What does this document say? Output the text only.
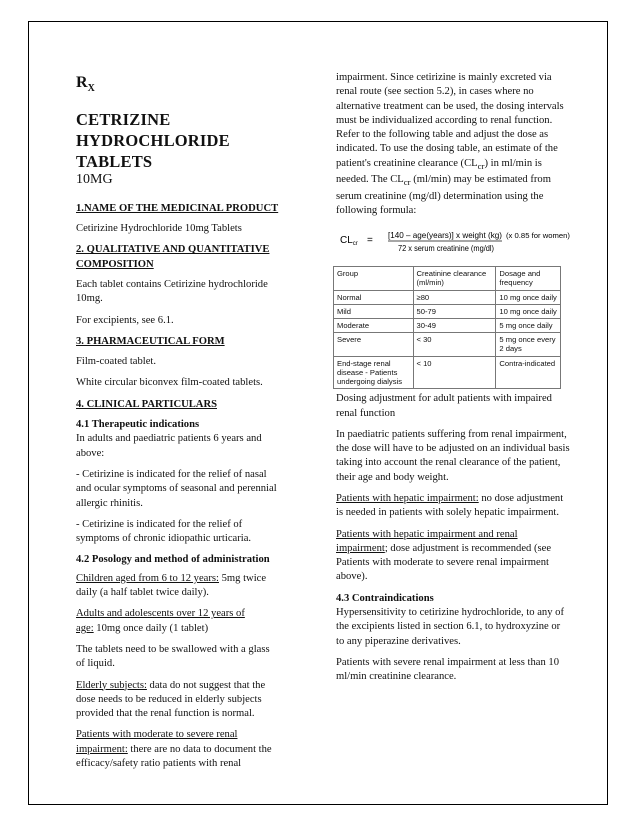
$R_X$
CETRIZINE
HYDROCHLORIDE
TABLETS
10MG

1.NAME OF THE MEDICINAL PRODUCT

Cetirizine Hydrochloride 10mg Tablets

2. QUALITATIVE AND QUANTITATIVE COMPOSITION

Each tablet contains Cetirizine hydrochloride 10mg.

For excipients, see 6.1.

3. PHARMACEUTICAL FORM

Film-coated tablet.

White circular biconvex film-coated tablets.

4. CLINICAL PARTICULARS

4.1 Therapeutic indications

In adults and paediatric patients 6 years and above:

- Cetirizine is indicated for the relief of nasal and ocular symptoms of seasonal and perennial allergic rhinitis.

- Cetirizine is indicated for the relief of symptoms of chronic idiopathic urticaria.

4.2 Posology and method of administration

Children aged from 6 to 12 years: 5mg twice daily (a half tablet twice daily).

Adults and adolescents over 12 years of
age: 10mg once daily (1 tablet)

The tablets need to be swallowed with a glass of liquid.

Elderly subjects: data do not suggest that the dose needs to be reduced in elderly subjects provided that the renal function is normal.

Patients with moderate to severe renal impairment: there are no data to document the efficacy/safety ratio patients with renal

impairment. Since cetirizine is mainly excreted via renal route (see section 5.2), in cases where no alternative treatment can be used, the dosing intervals must be individualized according to renal function. Refer to the following table and adjust the dose as indicated. To use the dosing table, an estimate of the patient's creatinine clearance $(CL_{cr})$ in ml/min is needed. The $CL_{cr}$ (ml/min) may be estimated from serum creatinine (mg/dl) determination using the following formula:

$CL_{cr} = [140$ – age(years)] x weight (kg)
72 x serum creatinine (mg/dl)
(x 0.85 for women)
Group	Creatinine clearance (ml/min)	Dosage and frequency
Normal	≥80	10 mg once daily
Mild	50-79	10 mg once daily
Moderate	30-49	5 mg once daily
Severe	< 30	5 mg once every 2 days
End-stage renal disease - Patients undergoing dialysis	< 10	Contra-indicated

Dosing adjustment for adult patients with impaired renal function

In paediatric patients suffering from renal impairment, the dose will have to be adjusted on an individual basis taking into account the renal clearance of the patient, their age and body weight.

Patients with hepatic impairment: no dose adjustment is needed in patients with solely hepatic impairment.

Patients with hepatic impairment and renal impairment; dose adjustment is recommended (see Patients with moderate to severe renal impairment above).

4.3 Contraindications

Hypersensitivity to cetirizine hydrochloride, to any of the excipients listed in section 6.1, to hydroxyzine or to any piperazine derivatives.

Patients with severe renal impairment at less than 10 ml/min creatinine clearance.
